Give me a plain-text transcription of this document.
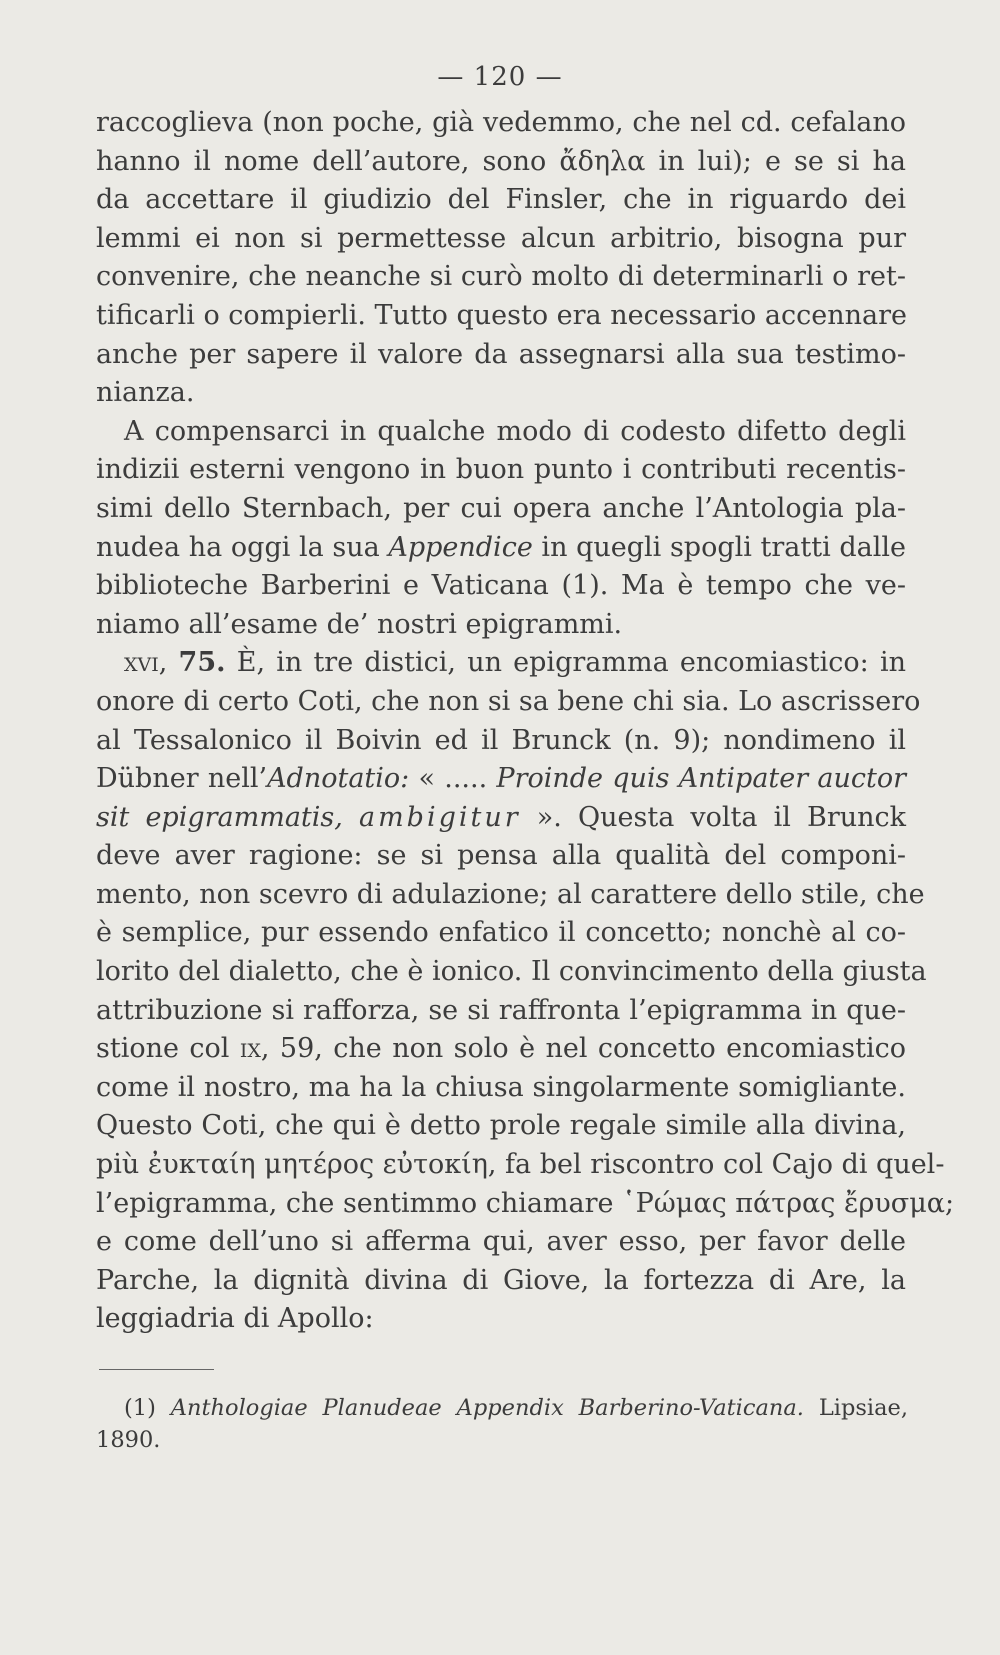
— 120 —
raccoglieva (non poche, già vedemmo, che nel cd. cefalano
hanno il nome dell’autore, sono ἄδηλα in lui); e se si ha
da accettare il giudizio del Finsler, che in riguardo dei
lemmi ei non si permettesse alcun arbitrio, bisogna pur
convenire, che neanche si curò molto di determinarli o ret-
tificarli o compierli. Tutto questo era necessario accennare
anche per sapere il valore da assegnarsi alla sua testimo-
nianza.
A compensarci in qualche modo di codesto difetto degli
indizii esterni vengono in buon punto i contributi recentis-
simi dello Sternbach, per cui opera anche l’Antologia pla-
nudea ha oggi la sua Appendice in quegli spogli tratti dalle
biblioteche Barberini e Vaticana (1). Ma è tempo che ve-
niamo all’esame de’ nostri epigrammi.
xvi, 75. È, in tre distici, un epigramma encomiastico: in
onore di certo Coti, che non si sa bene chi sia. Lo ascrissero
al Tessalonico il Boivin ed il Brunck (n. 9); nondimeno il
Dübner nell’Adnotatio: « ..... Proinde quis Antipater auctor
sit epigrammatis, ambigitur ». Questa volta il Brunck
deve aver ragione: se si pensa alla qualità del componi-
mento, non scevro di adulazione; al carattere dello stile, che
è semplice, pur essendo enfatico il concetto; nonchè al co-
lorito del dialetto, che è ionico. Il convincimento della giusta
attribuzione si rafforza, se si raffronta l’epigramma in que-
stione col ix, 59, che non solo è nel concetto encomiastico
come il nostro, ma ha la chiusa singolarmente somigliante.
Questo Coti, che qui è detto prole regale simile alla divina,
più ἐυκταίη μητέρος εὐτοκίη, fa bel riscontro col Cajo di quel-
l’epigramma, che sentimmo chiamare ῾Ρώμας πάτρας ἔρυσμα;
e come dell’uno si afferma qui, aver esso, per favor delle
Parche, la dignità divina di Giove, la fortezza di Are, la
leggiadria di Apollo:
(1) Anthologiae Planudeae Appendix Barberino-Vaticana. Lipsiae,
1890.
